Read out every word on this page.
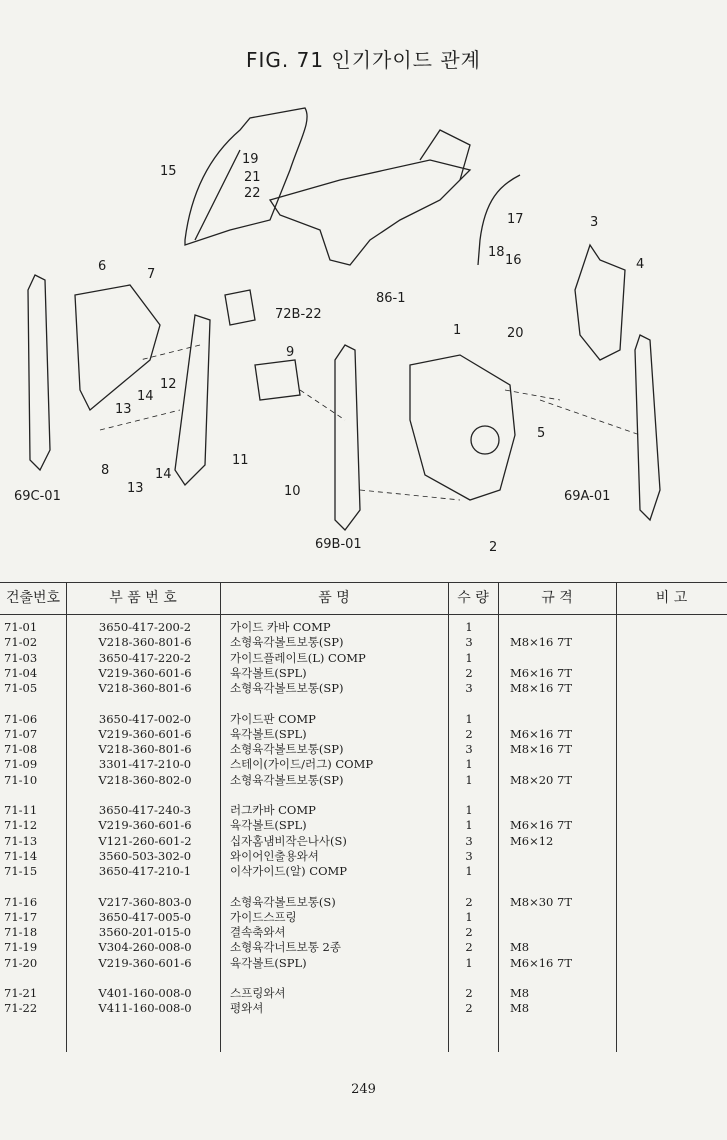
FIG. 71 인기가이드 관계
15
19
21
22
17	3
4
6
7
72B-22
18
16
86-1
20
1
9
12
14
13
8	14
13
11
10
5
69C-01
69B-01	2
69A-01
건출번호	부 품 번 호	품 명	수 량	규 격	비 고
71-01	3650-417-200-2	가이드 카바 COMP	1
71-02	V218-360-801-6	소형육각볼트보통(SP)	3	M8×16 7T
71-03	3650-417-220-2	가이드플레이트(L) COMP	1
71-04	V219-360-601-6	육각볼트(SPL)	2	M6×16 7T
71-05	V218-360-801-6	소형육각볼트보통(SP)	3	M8×16 7T
71-06	3650-417-002-0	가이드판 COMP	1
71-07	V219-360-601-6	육각볼트(SPL)	2	M6×16 7T
71-08	V218-360-801-6	소형육각볼트보통(SP)	3	M8×16 7T
71-09	3301-417-210-0	스테이(가이드/러그) COMP	1
71-10	V218-360-802-0	소형육각볼트보통(SP)	1	M8×20 7T
71-11	3650-417-240-3	러그카바 COMP	1
71-12	V219-360-601-6	육각볼트(SPL)	1	M6×16 7T
71-13	V121-260-601-2	십자홈냄비작은나사(S)	3	M6×12
71-14	3560-503-302-0	와이어인출용와셔	3
71-15	3650-417-210-1	이삭가이드(알) COMP	1
71-16	V217-360-803-0	소형육각볼트보통(S)	2	M8×30 7T
71-17	3650-417-005-0	가이드스프링	1
71-18	3560-201-015-0	결속축와셔	2
71-19	V304-260-008-0	소형육각너트보통 2종	2	M8
71-20	V219-360-601-6	육각볼트(SPL)	1	M6×16 7T
71-21	V401-160-008-0	스프링와셔	2	M8
71-22	V411-160-008-0	평와셔	2	M8
249
